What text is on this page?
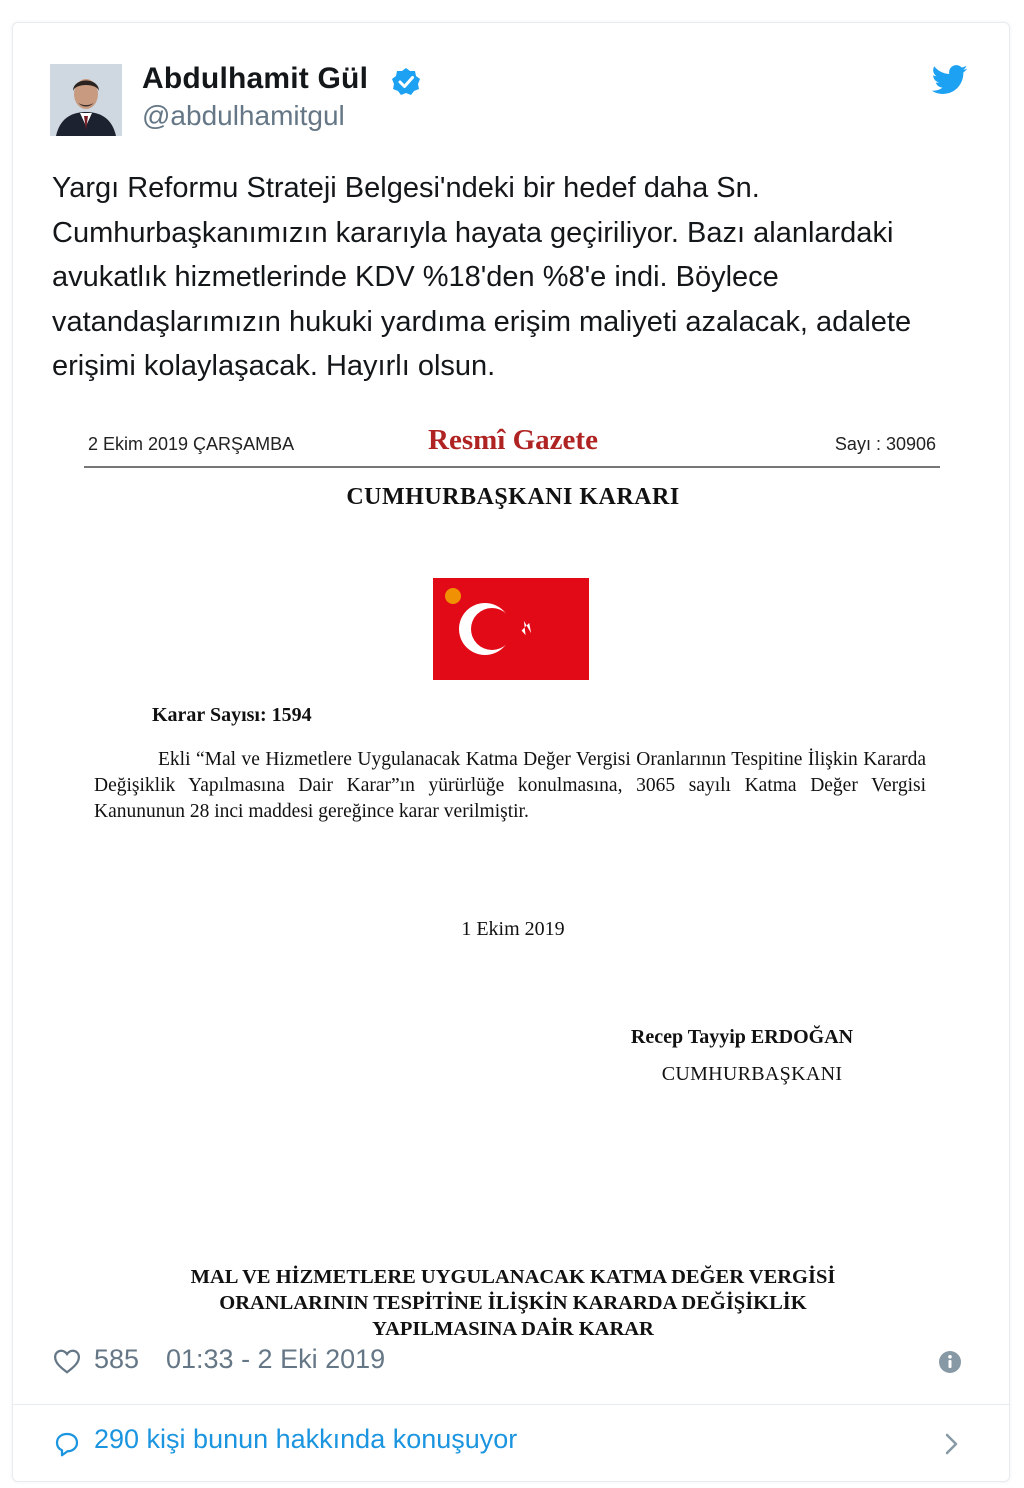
Abdulhamit Gül
@abdulhamitgul
Yargı Reformu Strateji Belgesi'ndeki bir hedef daha Sn. Cumhurbaşkanımızın kararıyla hayata geçiriliyor. Bazı alanlardaki avukatlık hizmetlerinde KDV %18'den %8'e indi. Böylece vatandaşlarımızın hukuki yardıma erişim maliyeti azalacak, adalete erişimi kolaylaşacak. Hayırlı olsun.
2 Ekim 2019 ÇARŞAMBA	Resmî Gazete	Sayı : 30906
CUMHURBAŞKANI KARARI
Karar Sayısı: 1594
Ekli “Mal ve Hizmetlere Uygulanacak Katma Değer Vergisi Oranlarının Tespitine İlişkin Kararda Değişiklik Yapılmasına Dair Karar”ın yürürlüğe konulmasına, 3065 sayılı Katma Değer Vergisi Kanununun 28 inci maddesi gereğince karar verilmiştir.
1 Ekim 2019
Recep Tayyip ERDOĞAN
CUMHURBAŞKANI
MAL VE HİZMETLERE UYGULANACAK KATMA DEĞER VERGİSİ
ORANLARININ TESPİTİNE İLİŞKİN KARARDA DEĞİŞİKLİK
YAPILMASINA DAİR KARAR
585 01:33 - 2 Eki 2019
290 kişi bunun hakkında konuşuyor
